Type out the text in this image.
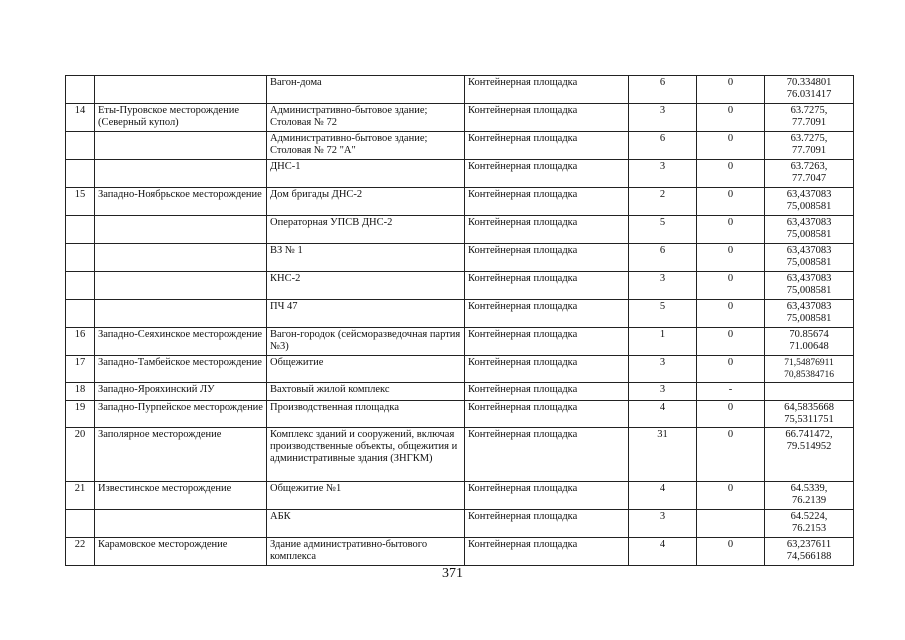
		Вагон-дома	Контейнерная площадка	6	0	70.334801
76.031417

14	Еты-Пуровское месторождение (Северный купол)	Административно-бытовое здание; Столовая № 72	Контейнерная площадка	3	0	63.7275,
77.7091

		Административно-бытовое здание; Столовая № 72 "А"	Контейнерная площадка	6	0	63.7275,
77.7091

		ДНС-1	Контейнерная площадка	3	0	63.7263,
77.7047

15	Западно-Ноябрьское месторождение	Дом бригады ДНС-2	Контейнерная площадка	2	0	63,437083
75,008581

		Операторная УПСВ ДНС-2	Контейнерная площадка	5	0	63,437083
75,008581

		ВЗ № 1	Контейнерная площадка	6	0	63,437083
75,008581

		КНС-2	Контейнерная площадка	3	0	63,437083
75,008581

		ПЧ 47	Контейнерная площадка	5	0	63,437083
75,008581

16	Западно-Сеяхинское месторождение	Вагон-городок (сейсморазведочная партия №3)	Контейнерная площадка	1	0	70.85674
71.00648

17	Западно-Тамбейское месторождение	Общежитие	Контейнерная площадка	3	0	71,54876911
70,85384716

18	Западно-Ярояхинский ЛУ	Вахтовый жилой комплекс	Контейнерная площадка	3	-	

19	Западно-Пурпейское месторождение	Производственная площадка	Контейнерная площадка	4	0	64,5835668
75,5311751

20	Заполярное месторождение	Комплекс зданий и сооружений, включая производственные объекты, общежития и административные здания (ЗНГКМ)	Контейнерная площадка	31	0	66.741472,
79.514952

21	Известинское месторождение	Общежитие №1	Контейнерная площадка	4	0	64.5339,
76.2139

		АБК	Контейнерная площадка	3		64.5224,
76.2153

22	Карамовское месторождение	Здание административно-бытового комплекса	Контейнерная площадка	4	0	63,237611
74,566188
371
